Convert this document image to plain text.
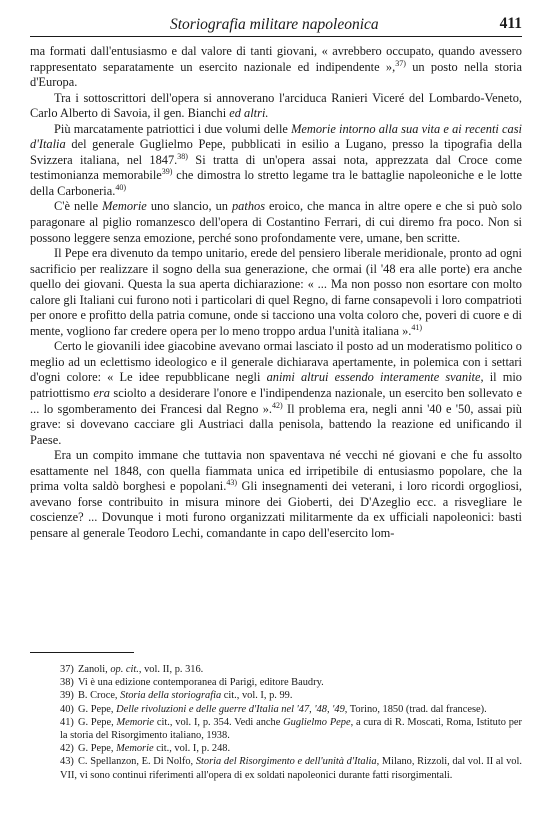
Storiografia militare napoleonica	411

ma formati dall'entusiasmo e dal valore di tanti giovani, « avrebbero occupato, quando avessero rappresentato separatamente un esercito nazionale ed indipendente »,$^{37)}$ un posto nella storia d'Europa.

Tra i sottoscrittori dell'opera si annoverano l'arciduca Ranieri Viceré del Lombardo-Veneto, Carlo Alberto di Savoia, il gen. Bianchi ed altri.

Più marcatamente patriottici i due volumi delle Memorie intorno alla sua vita e ai recenti casi d'Italia del generale Guglielmo Pepe, pubblicati in esilio a Lugano, presso la tipografia della Svizzera italiana, nel 1847.$^{38)}$ Si tratta di un'opera assai nota, apprezzata dal Croce come testimonianza memorabile$^{39)}$ che dimostra lo stretto legame tra le battaglie napoleoniche e le lotte della Carboneria.$^{40)}$

C'è nelle Memorie uno slancio, un pathos eroico, che manca in altre opere e che si può solo paragonare al piglio romanzesco dell'opera di Costantino Ferrari, di cui diremo fra poco. Non si possono leggere senza emozione, perché sono profondamente vere, umane, ben scritte.

Il Pepe era divenuto da tempo unitario, erede del pensiero liberale meridionale, pronto ad ogni sacrificio per realizzare il sogno della sua generazione, che ormai (il '48 era alle porte) era anche quello dei giovani. Questa la sua aperta dichiarazione: « ... Ma non posso non esortare con molto calore gli Italiani cui furono noti i particolari di quel Regno, di farne consapevoli i loro compatrioti per onore e profitto della patria comune, onde si tacciono una volta coloro che, poveri di cuore e di mente, vogliono far credere opera per lo meno troppo ardua l'unità italiana ».$^{41)}$

Certo le giovanili idee giacobine avevano ormai lasciato il posto ad un moderatismo politico o meglio ad un eclettismo ideologico e il generale dichiarava apertamente, in polemica con i settari d'ogni colore: « Le idee repubblicane negli animi altrui essendo interamente svanite, il mio patriottismo era sciolto a desiderare l'onore e l'indipendenza nazionale, un esercito ben sollevato e ... lo sgomberamento dei Francesi dal Regno ».$^{42)}$ Il problema era, negli anni '40 e '50, assai più grave: si dovevano cacciare gli Austriaci dalla penisola, battendo la reazione ed unificando il Paese.

Era un compito immane che tuttavia non spaventava né vecchi né giovani e che fu assolto esattamente nel 1848, con quella fiammata unica ed irripetibile di entusiasmo popolare, che la prima volta saldò borghesi e popolani.$^{43)}$ Gli insegnamenti dei veterani, i loro ricordi orgogliosi, avevano forse contribuito in misura minore dei Gioberti, dei D'Azeglio ecc. a risvegliare le coscienze? ... Dovunque i moti furono organizzati militarmente da ex ufficiali napoleonici: basti pensare al generale Teodoro Lechi, comandante in capo dell'esercito lom-

37) Zanoli, op. cit., vol. II, p. 316.

38) Vi è una edizione contemporanea di Parigi, editore Baudry.

39) B. Croce, Storia della storiografia cit., vol. I, p. 99.

40) G. Pepe, Delle rivoluzioni e delle guerre d'Italia nel '47, '48, '49, Torino, 1850 (trad. dal francese).

41) G. Pepe, Memorie cit., vol. I, p. 354. Vedi anche Guglielmo Pepe, a cura di R. Moscati, Roma, Istituto per la storia del Risorgimento italiano, 1938.

42) G. Pepe, Memorie cit., vol. I, p. 248.

43) C. Spellanzon, E. Di Nolfo, Storia del Risorgimento e dell'unità d'Italia, Milano, Rizzoli, dal vol. II al vol. VII, vi sono continui riferimenti all'opera di ex soldati napoleonici durante fatti risorgimentali.
